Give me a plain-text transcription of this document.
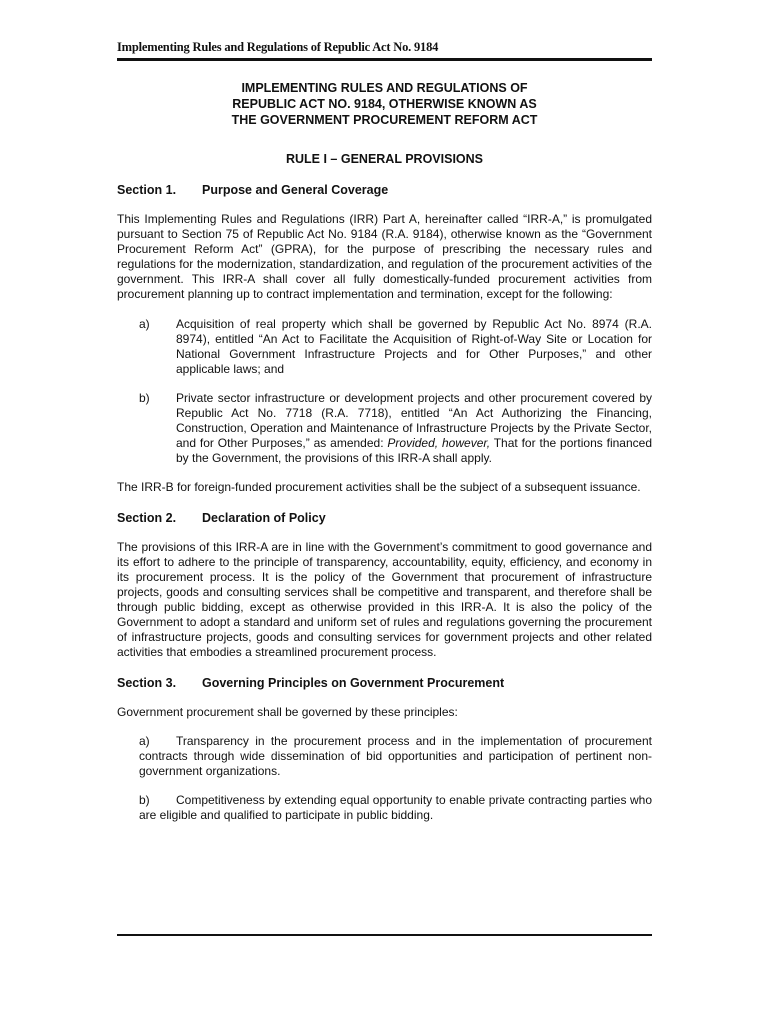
Implementing Rules and Regulations of Republic Act No. 9184
IMPLEMENTING RULES AND REGULATIONS OF
REPUBLIC ACT NO. 9184, OTHERWISE KNOWN AS
THE GOVERNMENT PROCUREMENT REFORM ACT
RULE I – GENERAL PROVISIONS
Section 1.	Purpose and General Coverage

This Implementing Rules and Regulations (IRR) Part A, hereinafter called “IRR-A,” is promulgated pursuant to Section 75 of Republic Act No. 9184 (R.A. 9184), otherwise known as the “Government Procurement Reform Act” (GPRA), for the purpose of prescribing the necessary rules and regulations for the modernization, standardization, and regulation of the procurement activities of the government. This IRR-A shall cover all fully domestically-funded procurement activities from procurement planning up to contract implementation and termination, except for the following:

a)	Acquisition of real property which shall be governed by Republic Act No. 8974 (R.A. 8974), entitled “An Act to Facilitate the Acquisition of Right-of-Way Site or Location for National Government Infrastructure Projects and for Other Purposes,” and other applicable laws; and
b)	Private sector infrastructure or development projects and other procurement covered by Republic Act No. 7718 (R.A. 7718), entitled “An Act Authorizing the Financing, Construction, Operation and Maintenance of Infrastructure Projects by the Private Sector, and for Other Purposes,” as amended: Provided, however, That for the portions financed by the Government, the provisions of this IRR-A shall apply.

The IRR-B for foreign-funded procurement activities shall be the subject of a subsequent issuance.

Section 2.	Declaration of Policy

The provisions of this IRR-A are in line with the Government’s commitment to good governance and its effort to adhere to the principle of transparency, accountability, equity, efficiency, and economy in its procurement process. It is the policy of the Government that procurement of infrastructure projects, goods and consulting services shall be competitive and transparent, and therefore shall be through public bidding, except as otherwise provided in this IRR-A. It is also the policy of the Government to adopt a standard and uniform set of rules and regulations governing the procurement of infrastructure projects, goods and consulting services for government projects and other related activities that embodies a streamlined procurement process.

Section 3.	Governing Principles on Government Procurement

Government procurement shall be governed by these principles:

a) Transparency in the procurement process and in the implementation of procurement contracts through wide dissemination of bid opportunities and participation of pertinent non-government organizations.
b) Competitiveness by extending equal opportunity to enable private contracting parties who are eligible and qualified to participate in public bidding.
